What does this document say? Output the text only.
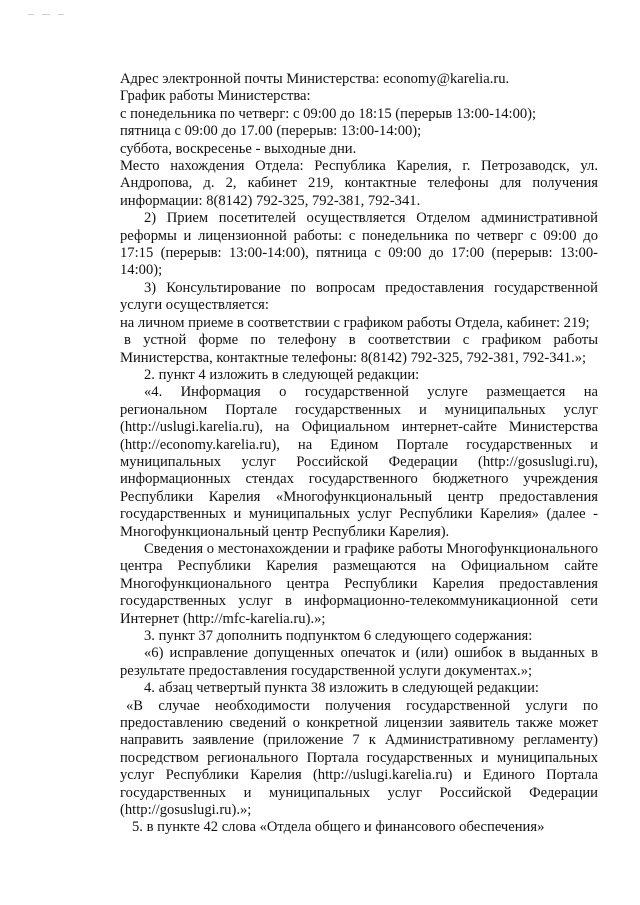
Адрес электронной почты Министерства: economy@karelia.ru.

График работы Министерства:

с понедельника по четверг: с 09:00 до 18:15 (перерыв 13:00-14:00);

пятница с 09:00 до 17.00 (перерыв: 13:00-14:00);

суббота, воскресенье - выходные дни.

Место нахождения Отдела: Республика Карелия, г. Петрозаводск, ул. Андропова, д. 2, кабинет 219, контактные телефоны для получения информации: 8(8142) 792-325, 792-381, 792-341.

2) Прием посетителей осуществляется Отделом административной реформы и лицензионной работы: с понедельника по четверг с 09:00 до 17:15 (перерыв: 13:00-14:00), пятница с 09:00 до 17:00 (перерыв: 13:00-14:00);

3) Консультирование по вопросам предоставления государственной услуги осуществляется:

на личном приеме в соответствии с графиком работы Отдела, кабинет: 219;

в устной форме по телефону в соответствии с графиком работы Министерства, контактные телефоны: 8(8142) 792-325, 792-381, 792-341.»;

2. пункт 4 изложить в следующей редакции:

«4. Информация о государственной услуге размещается на региональном Портале государственных и муниципальных услуг (http://uslugi.karelia.ru), на Официальном интернет-сайте Министерства (http://economy.karelia.ru), на Едином Портале государственных и муниципальных услуг Российской Федерации (http://gosuslugi.ru), информационных стендах государственного бюджетного учреждения Республики Карелия «Многофункциональный центр предоставления государственных и муниципальных услуг Республики Карелия» (далее - Многофункциональный центр Республики Карелия).

Сведения о местонахождении и графике работы Многофункционального центра Республики Карелия размещаются на Официальном сайте Многофункционального центра Республики Карелия предоставления государственных услуг в информационно-телекоммуникационной сети Интернет (http://mfc-karelia.ru).»;

3. пункт 37 дополнить подпунктом 6 следующего содержания:

«6) исправление допущенных опечаток и (или) ошибок в выданных в результате предоставления государственной услуги документах.»;

4. абзац четвертый пункта 38 изложить в следующей редакции:

«В случае необходимости получения государственной услуги по предоставлению сведений о конкретной лицензии заявитель также может направить заявление (приложение 7 к Административному регламенту) посредством регионального Портала государственных и муниципальных услуг Республики Карелия (http://uslugi.karelia.ru) и Единого Портала государственных и муниципальных услуг Российской Федерации (http://gosuslugi.ru).»;

5. в пункте 42 слова «Отдела общего и финансового обеспечения»
